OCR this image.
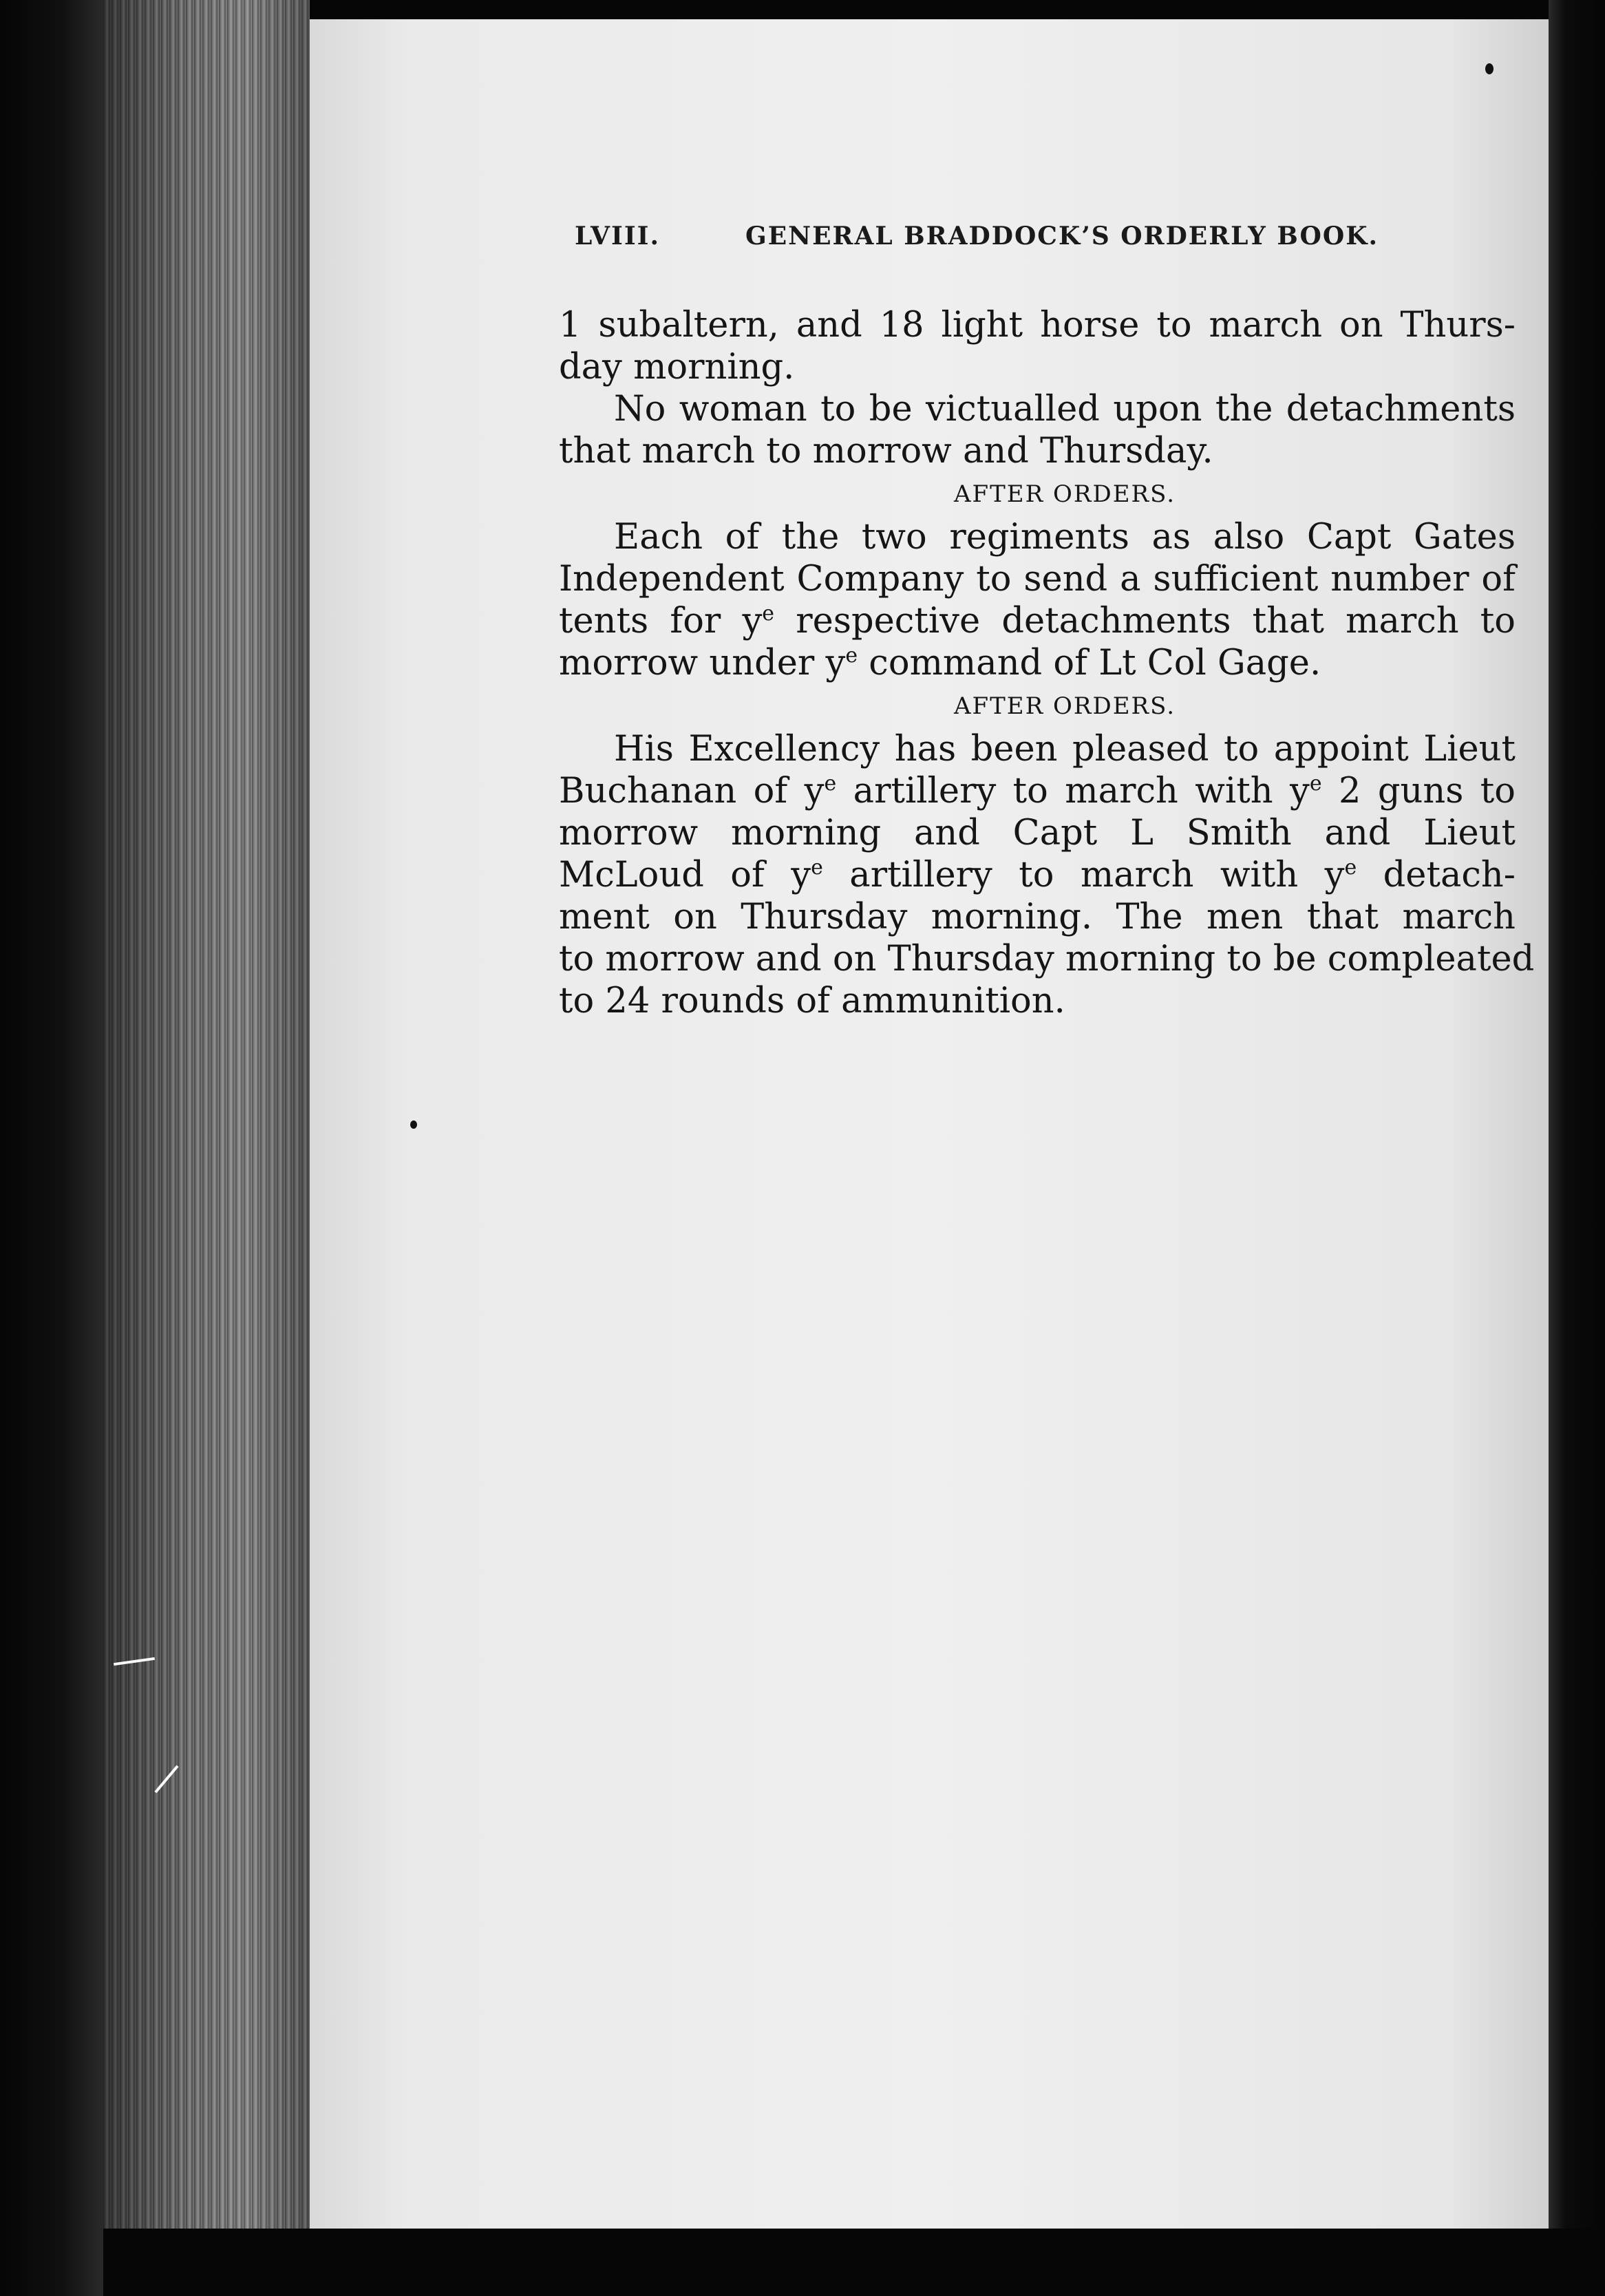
LVIII.	GENERAL BRADDOCK’S ORDERLY BOOK.
1 subaltern, and 18 light horse to march on Thurs-
day morning.
No woman to be victualled upon the detachments
that march to morrow and Thursday.
AFTER ORDERS.
Each of the two regiments as also Capt Gates
Independent Company to send a sufficient number of
tents for $y^e$ respective detachments that march to
morrow under $y^e$ command of Lt Col Gage.
AFTER ORDERS.
His Excellency has been pleased to appoint Lieut
Buchanan of $y^e$ artillery to march with $y^e$ 2 guns to
morrow morning and Capt L Smith and Lieut
McLoud of $y^e$ artillery to march with $y^e$ detach-
ment on Thursday morning. The men that march
to morrow and on Thursday morning to be compleated
to 24 rounds of ammunition.
